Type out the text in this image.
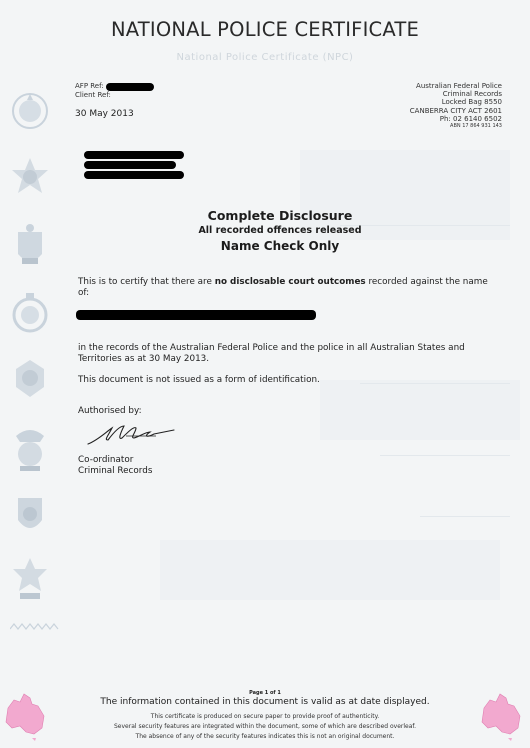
NATIONAL POLICE CERTIFICATE
National Police Certificate (NPC)
AFP Ref:
Client Ref:
30 May 2013
Australian Federal Police
Criminal Records
Locked Bag 8550
CANBERRA CITY ACT 2601
Ph: 02 6140 6502
ABN 17 864 931 143
Complete Disclosure
All recorded offences released
Name Check Only
This is to certify that there are no disclosable court outcomes recorded against the name of:
in the records of the Australian Federal Police and the police in all Australian States and Territories as at 30 May 2013.
This document is not issued as a form of identification.
Authorised by:
Co-ordinator
Criminal Records
Page 1 of 1
The information contained in this document is valid as at date displayed.
This certificate is produced on secure paper to provide proof of authenticity.
Several security features are integrated within the document, some of which are described overleaf.
The absence of any of the security features indicates this is not an original document.
